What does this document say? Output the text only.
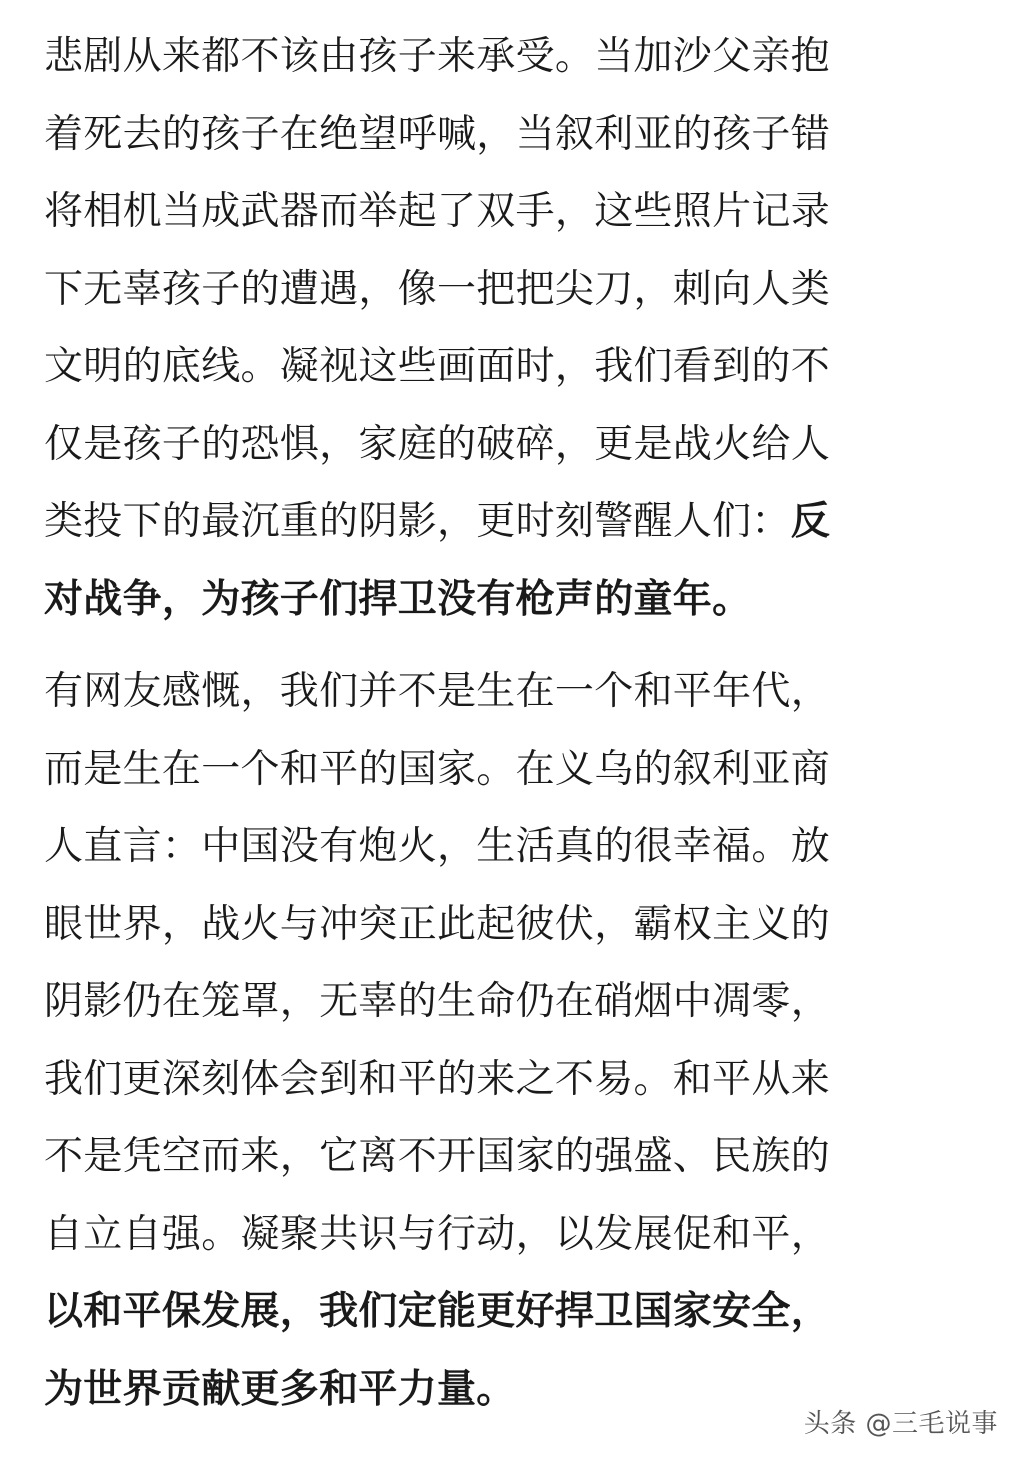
悲剧从来都不该由孩子来承受。当加沙父亲抱
着死去的孩子在绝望呼喊，当叙利亚的孩子错
将相机当成武器而举起了双手，这些照片记录
下无辜孩子的遭遇，像一把把尖刀，刺向人类
文明的底线。凝视这些画面时，我们看到的不
仅是孩子的恐惧，家庭的破碎，更是战火给人
类投下的最沉重的阴影，更时刻警醒人们：反
对战争，为孩子们捍卫没有枪声的童年。

有网友感慨，我们并不是生在一个和平年代，
而是生在一个和平的国家。在义乌的叙利亚商
人直言：中国没有炮火，生活真的很幸福。放
眼世界，战火与冲突正此起彼伏，霸权主义的
阴影仍在笼罩，无辜的生命仍在硝烟中凋零，
我们更深刻体会到和平的来之不易。和平从来
不是凭空而来，它离不开国家的强盛、民族的
自立自强。凝聚共识与行动，以发展促和平，
以和平保发展，我们定能更好捍卫国家安全，
为世界贡献更多和平力量。

头条 @三毛说事
